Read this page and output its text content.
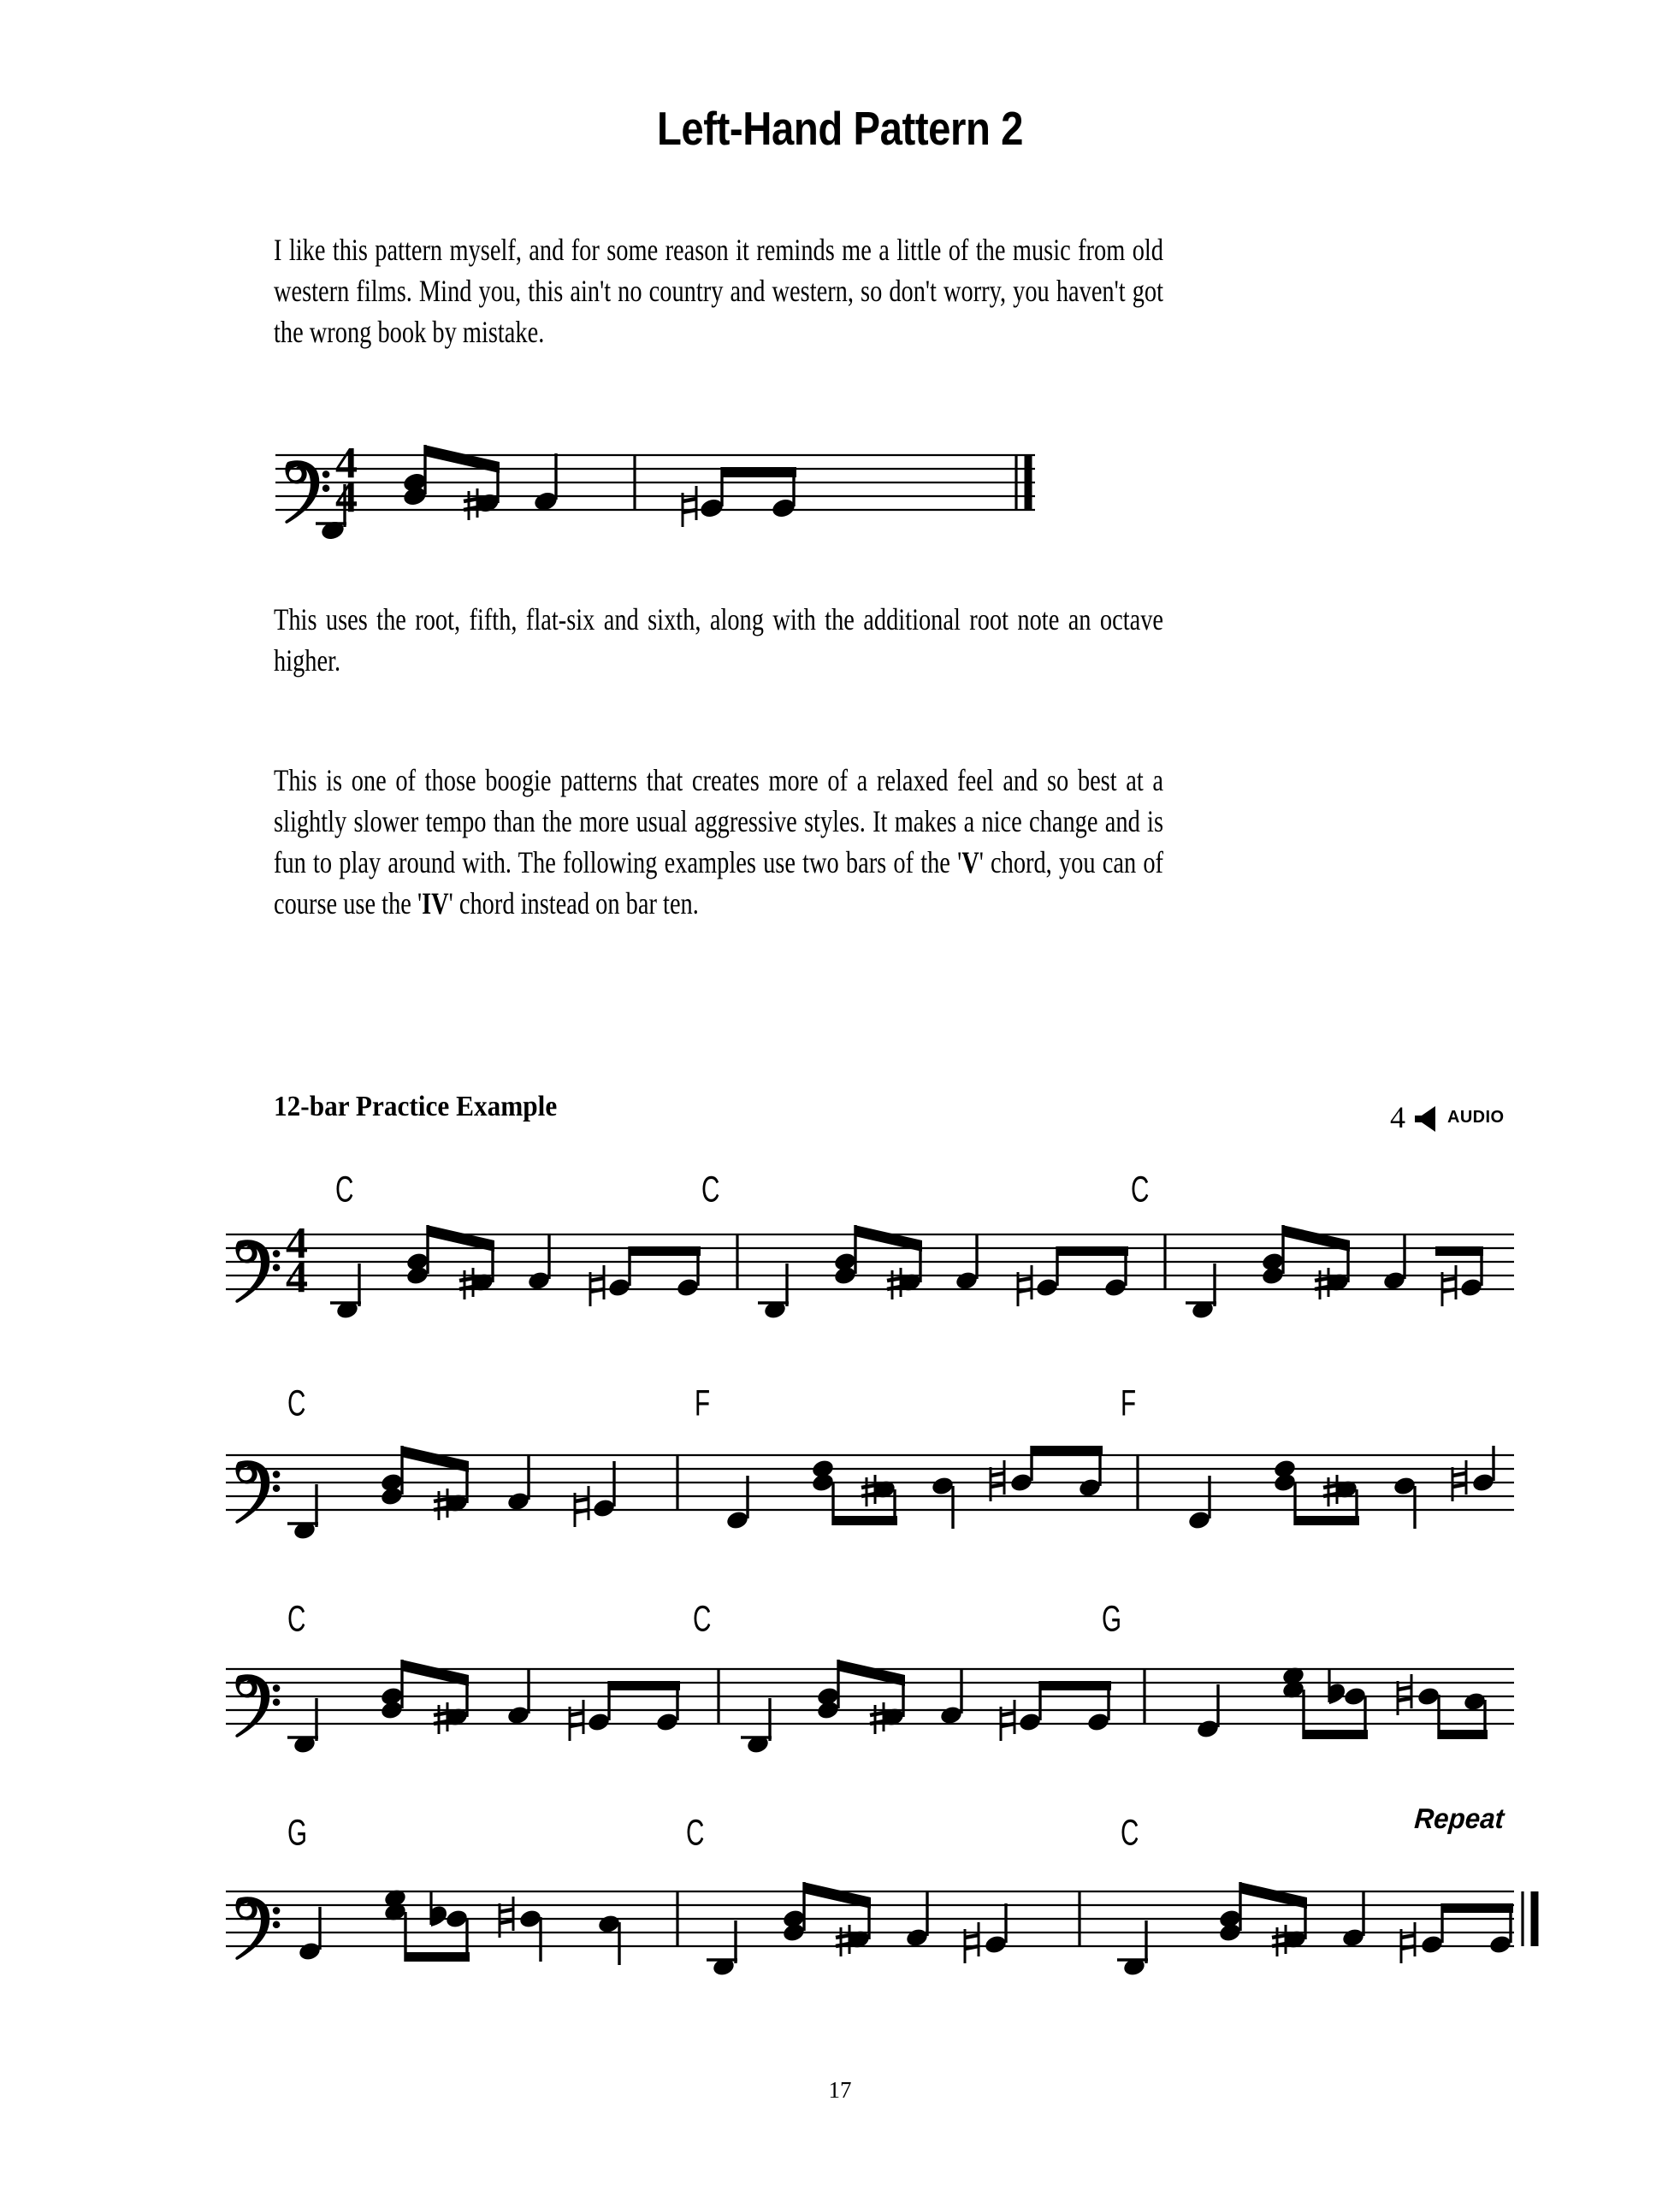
Left-Hand Pattern 2
I like this pattern myself, and for some reason it reminds me a little of the music from old western films. Mind you, this ain't no country and western, so don't worry, you haven't got the wrong book by mistake.
4
4
This uses the root, fifth, flat-six and sixth, along with the additional root note an octave higher.
This is one of those boogie patterns that creates more of a relaxed feel and so best at a slightly slower tempo than the more usual aggressive styles. It makes a nice change and is fun to play around with. The following examples use two bars of the 'V' chord, you can of course use the 'IV' chord instead on bar ten.
12-bar Practice Example	4 AUDIO
C	C	C
4
4
C	F	F
C	C	G
G	C	C	Repeat
17
